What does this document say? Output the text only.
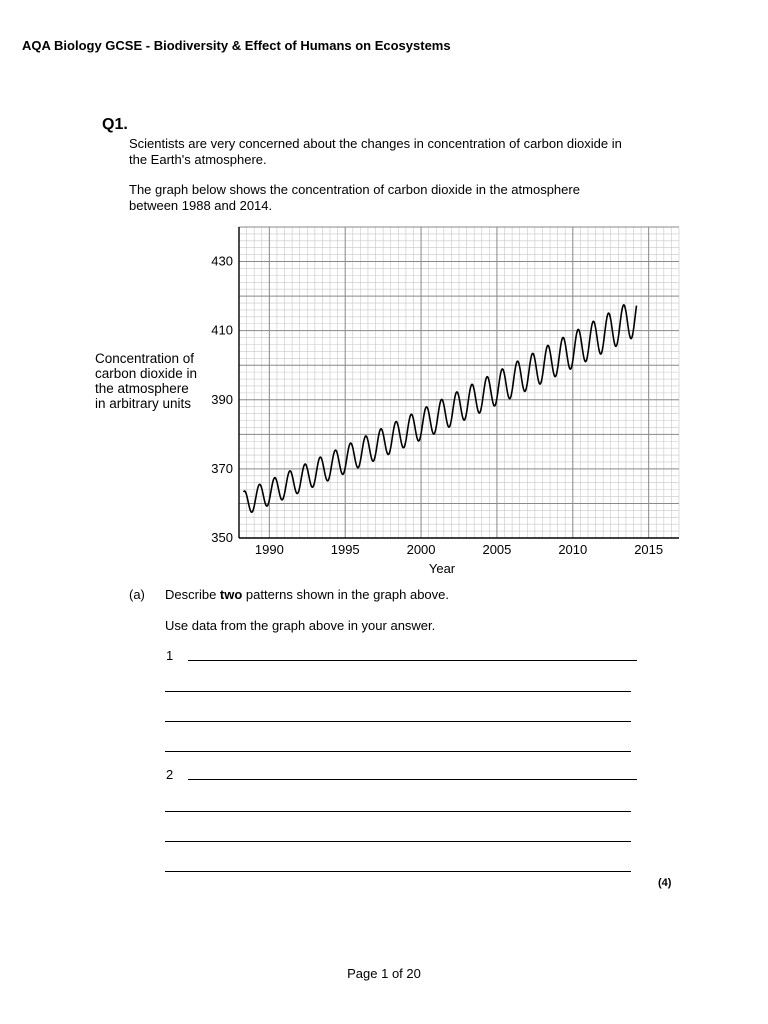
AQA Biology GCSE - Biodiversity & Effect of Humans on Ecosystems
Q1.
Scientists are very concerned about the changes in concentration of carbon dioxide in the Earth's atmosphere.
The graph below shows the concentration of carbon dioxide in the atmosphere between 1988 and 2014.
Concentration of
carbon dioxide in
the atmosphere
in arbitrary units
350
370
390
410
430
1990	1995	2000	2005	2010	2015
Year
(a) Describe two patterns shown in the graph above.
Use data from the graph above in your answer.
1
2
(4)
Page 1 of 20
